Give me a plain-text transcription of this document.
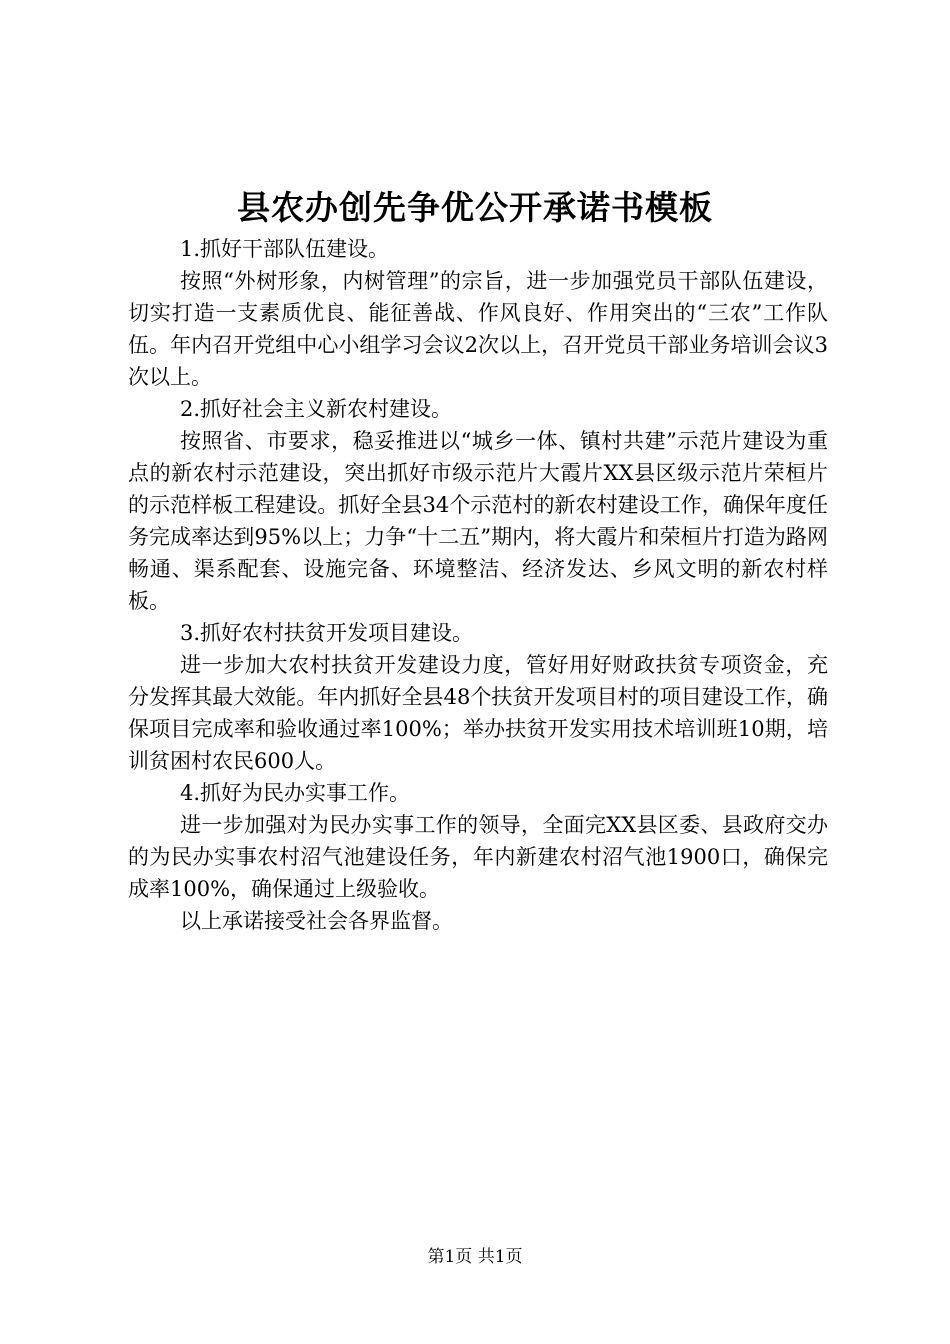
县农办创先争优公开承诺书模板

1.抓好干部队伍建设。

按照“外树形象，内树管理”的宗旨，进一步加强党员干部队伍建设，切实打造一支素质优良、能征善战、作风良好、作用突出的“三农”工作队伍。年内召开党组中心小组学习会议2次以上，召开党员干部业务培训会议3次以上。

2.抓好社会主义新农村建设。

按照省、市要求，稳妥推进以“城乡一体、镇村共建”示范片建设为重点的新农村示范建设，突出抓好市级示范片大霞片XX县区级示范片荣桓片的示范样板工程建设。抓好全县34个示范村的新农村建设工作，确保年度任务完成率达到95%以上；力争“十二五”期内，将大霞片和荣桓片打造为路网畅通、渠系配套、设施完备、环境整洁、经济发达、乡风文明的新农村样板。

3.抓好农村扶贫开发项目建设。

进一步加大农村扶贫开发建设力度，管好用好财政扶贫专项资金，充分发挥其最大效能。年内抓好全县48个扶贫开发项目村的项目建设工作，确保项目完成率和验收通过率100%；举办扶贫开发实用技术培训班10期，培训贫困村农民600人。

4.抓好为民办实事工作。

进一步加强对为民办实事工作的领导，全面完XX县区委、县政府交办的为民办实事农村沼气池建设任务，年内新建农村沼气池1900口，确保完成率100%，确保通过上级验收。

以上承诺接受社会各界监督。

第1页 共1页
